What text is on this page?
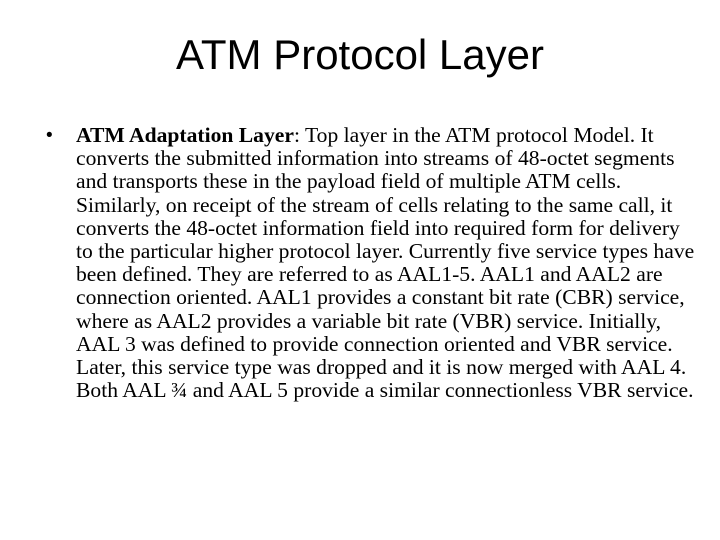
ATM Protocol Layer
• ATM Adaptation Layer: Top layer in the ATM protocol Model. It converts the submitted information into streams of 48-octet segments and transports these in the payload field of multiple ATM cells. Similarly, on receipt of the stream of cells relating to the same call, it converts the 48-octet information field into required form for delivery to the particular higher protocol layer. Currently five service types have been defined. They are referred to as AAL1-5. AAL1 and AAL2 are connection oriented. AAL1 provides a constant bit rate (CBR) service, where as AAL2 provides a variable bit rate (VBR) service. Initially, AAL 3 was defined to provide connection oriented and VBR service. Later, this service type was dropped and it is now merged with AAL 4. Both AAL ¾ and AAL 5 provide a similar connectionless VBR service.
